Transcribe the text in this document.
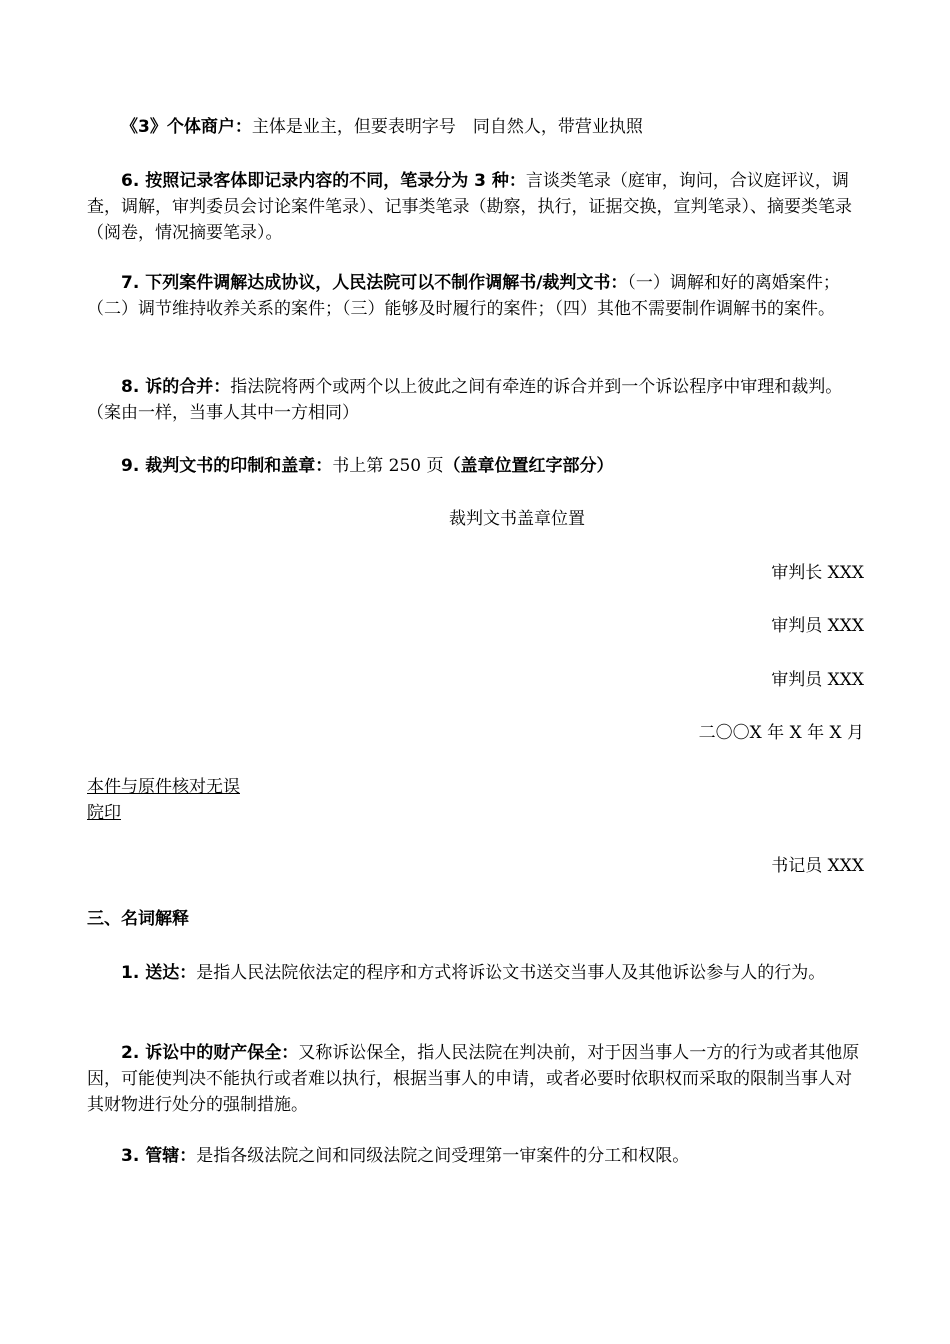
《3》个体商户：主体是业主，但要表明字号　同自然人，带营业执照
6. 按照记录客体即记录内容的不同，笔录分为 3 种：言谈类笔录（庭审，询问，合议庭评议，调查，调解，审判委员会讨论案件笔录）、记事类笔录（勘察，执行，证据交换，宣判笔录）、摘要类笔录（阅卷，情况摘要笔录）。
7. 下列案件调解达成协议，人民法院可以不制作调解书/裁判文书：（一）调解和好的离婚案件；（二）调节维持收养关系的案件；（三）能够及时履行的案件；（四）其他不需要制作调解书的案件。
8. 诉的合并：指法院将两个或两个以上彼此之间有牵连的诉合并到一个诉讼程序中审理和裁判。（案由一样，当事人其中一方相同）
9. 裁判文书的印制和盖章：书上第 250 页（盖章位置红字部分）
裁判文书盖章位置
审判长 XXX
审判员 XXX
审判员 XXX
二〇〇X 年 X 年 X 月
本件与原件核对无误
院印
书记员 XXX
三、名词解释
1. 送达：是指人民法院依法定的程序和方式将诉讼文书送交当事人及其他诉讼参与人的行为。
2. 诉讼中的财产保全：又称诉讼保全，指人民法院在判决前，对于因当事人一方的行为或者其他原因，可能使判决不能执行或者难以执行，根据当事人的申请，或者必要时依职权而采取的限制当事人对其财物进行处分的强制措施。
3. 管辖：是指各级法院之间和同级法院之间受理第一审案件的分工和权限。
